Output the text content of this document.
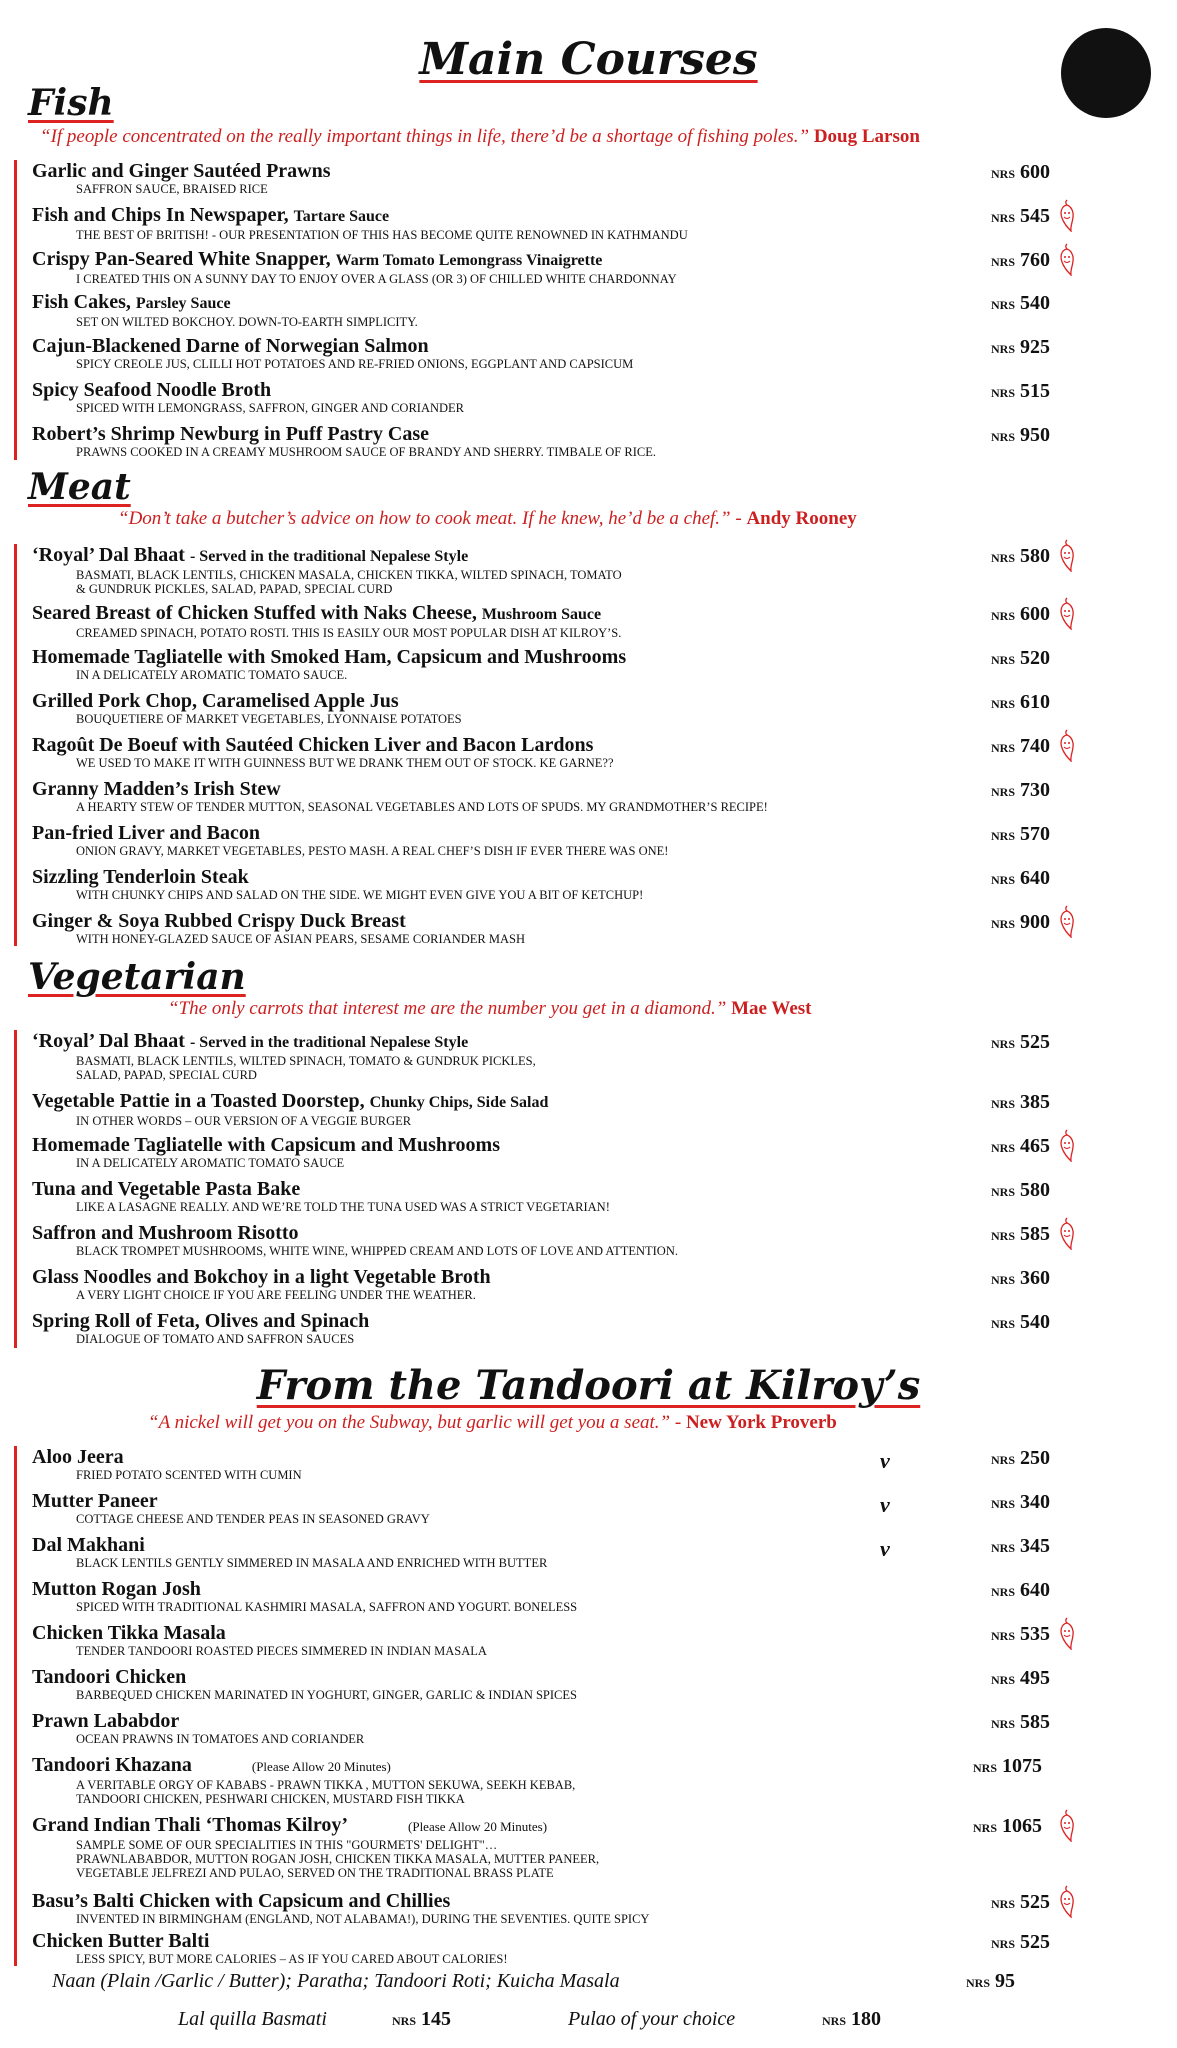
Main Courses
Fish
“If people concentrated on the really important things in life, there’d be a shortage of fishing poles.” Doug Larson
Garlic and Ginger Sautéed Prawns
SAFFRON SAUCE, BRAISED RICE
NRS 600
Fish and Chips In Newspaper, Tartare Sauce
THE BEST OF BRITISH! - OUR PRESENTATION OF THIS HAS BECOME QUITE RENOWNED IN KATHMANDU
NRS 545
Crispy Pan-Seared White Snapper, Warm Tomato Lemongrass Vinaigrette
I CREATED THIS ON A SUNNY DAY TO ENJOY OVER A GLASS (OR 3) OF CHILLED WHITE CHARDONNAY
NRS 760
Fish Cakes, Parsley Sauce
SET ON WILTED BOKCHOY. DOWN-TO-EARTH SIMPLICITY.
NRS 540
Cajun-Blackened Darne of Norwegian Salmon
SPICY CREOLE JUS, CLILLI HOT POTATOES AND RE-FRIED ONIONS, EGGPLANT AND CAPSICUM
NRS 925
Spicy Seafood Noodle Broth
SPICED WITH LEMONGRASS, SAFFRON, GINGER AND CORIANDER
NRS 515
Robert’s Shrimp Newburg in Puff Pastry Case
PRAWNS COOKED IN A CREAMY MUSHROOM SAUCE OF BRANDY AND SHERRY. TIMBALE OF RICE.
NRS 950
Meat
“Don’t take a butcher’s advice on how to cook meat. If he knew, he’d be a chef.” - Andy Rooney
‘Royal’ Dal Bhaat - Served in the traditional Nepalese Style
BASMATI, BLACK LENTILS, CHICKEN MASALA, CHICKEN TIKKA, WILTED SPINACH, TOMATO
& GUNDRUK PICKLES, SALAD, PAPAD, SPECIAL CURD
NRS 580
Seared Breast of Chicken Stuffed with Naks Cheese, Mushroom Sauce
CREAMED SPINACH, POTATO ROSTI. THIS IS EASILY OUR MOST POPULAR DISH AT KILROY’S.
NRS 600
Homemade Tagliatelle with Smoked Ham, Capsicum and Mushrooms
IN A DELICATELY AROMATIC TOMATO SAUCE.
NRS 520
Grilled Pork Chop, Caramelised Apple Jus
BOUQUETIERE OF MARKET VEGETABLES, LYONNAISE POTATOES
NRS 610
Ragoût De Boeuf with Sautéed Chicken Liver and Bacon Lardons
WE USED TO MAKE IT WITH GUINNESS BUT WE DRANK THEM OUT OF STOCK. KE GARNE??
NRS 740
Granny Madden’s Irish Stew
A HEARTY STEW OF TENDER MUTTON, SEASONAL VEGETABLES AND LOTS OF SPUDS. MY GRANDMOTHER’S RECIPE!
NRS 730
Pan-fried Liver and Bacon
ONION GRAVY, MARKET VEGETABLES, PESTO MASH. A REAL CHEF’S DISH IF EVER THERE WAS ONE!
NRS 570
Sizzling Tenderloin Steak
WITH CHUNKY CHIPS AND SALAD ON THE SIDE. WE MIGHT EVEN GIVE YOU A BIT OF KETCHUP!
NRS 640
Ginger & Soya Rubbed Crispy Duck Breast
WITH HONEY-GLAZED SAUCE OF ASIAN PEARS, SESAME CORIANDER MASH
NRS 900
Vegetarian
“The only carrots that interest me are the number you get in a diamond.” Mae West
‘Royal’ Dal Bhaat - Served in the traditional Nepalese Style
BASMATI, BLACK LENTILS, WILTED SPINACH, TOMATO & GUNDRUK PICKLES,
SALAD, PAPAD, SPECIAL CURD
NRS 525
Vegetable Pattie in a Toasted Doorstep, Chunky Chips, Side Salad
IN OTHER WORDS – OUR VERSION OF A VEGGIE BURGER
NRS 385
Homemade Tagliatelle with Capsicum and Mushrooms
IN A DELICATELY AROMATIC TOMATO SAUCE
NRS 465
Tuna and Vegetable Pasta Bake
LIKE A LASAGNE REALLY. AND WE’RE TOLD THE TUNA USED WAS A STRICT VEGETARIAN!
NRS 580
Saffron and Mushroom Risotto
BLACK TROMPET MUSHROOMS, WHITE WINE, WHIPPED CREAM AND LOTS OF LOVE AND ATTENTION.
NRS 585
Glass Noodles and Bokchoy in a light Vegetable Broth
A VERY LIGHT CHOICE IF YOU ARE FEELING UNDER THE WEATHER.
NRS 360
Spring Roll of Feta, Olives and Spinach
DIALOGUE OF TOMATO AND SAFFRON SAUCES
NRS 540
From the Tandoori at Kilroy’s
“A nickel will get you on the Subway, but garlic will get you a seat.” - New York Proverb
Aloo Jeera
FRIED POTATO SCENTED WITH CUMIN
NRS 250
ν
Mutter Paneer
COTTAGE CHEESE AND TENDER PEAS IN SEASONED GRAVY
NRS 340
ν
Dal Makhani
BLACK LENTILS GENTLY SIMMERED IN MASALA AND ENRICHED WITH BUTTER
NRS 345
ν
Mutton Rogan Josh
SPICED WITH TRADITIONAL KASHMIRI MASALA, SAFFRON AND YOGURT. BONELESS
NRS 640
Chicken Tikka Masala
TENDER TANDOORI ROASTED PIECES SIMMERED IN INDIAN MASALA
NRS 535
Tandoori Chicken
BARBEQUED CHICKEN MARINATED IN YOGHURT, GINGER, GARLIC & INDIAN SPICES
NRS 495
Prawn Lababdor
OCEAN PRAWNS IN TOMATOES AND CORIANDER
NRS 585
Tandoori Khazana	(Please Allow 20 Minutes)
A VERITABLE ORGY OF KABABS - PRAWN TIKKA , MUTTON SEKUWA, SEEKH KEBAB,
TANDOORI CHICKEN, PESHWARI CHICKEN, MUSTARD FISH TIKKA
NRS 1075
Grand Indian Thali ‘Thomas Kilroy’	(Please Allow 20 Minutes)
SAMPLE SOME OF OUR SPECIALITIES IN THIS "GOURMETS' DELIGHT"…
PRAWNLABABDOR, MUTTON ROGAN JOSH, CHICKEN TIKKA MASALA, MUTTER PANEER,
VEGETABLE JELFREZI AND PULAO, SERVED ON THE TRADITIONAL BRASS PLATE
NRS 1065
Basu’s Balti Chicken with Capsicum and Chillies
INVENTED IN BIRMINGHAM (ENGLAND, NOT ALABAMA!), DURING THE SEVENTIES. QUITE SPICY
NRS 525
Chicken Butter Balti
LESS SPICY, BUT MORE CALORIES – AS IF YOU CARED ABOUT CALORIES!
NRS 525
Naan (Plain /Garlic / Butter); Paratha; Tandoori Roti; Kuicha Masala	NRS 95
Lal quilla Basmati	NRS 145	Pulao of your choice	NRS 180
